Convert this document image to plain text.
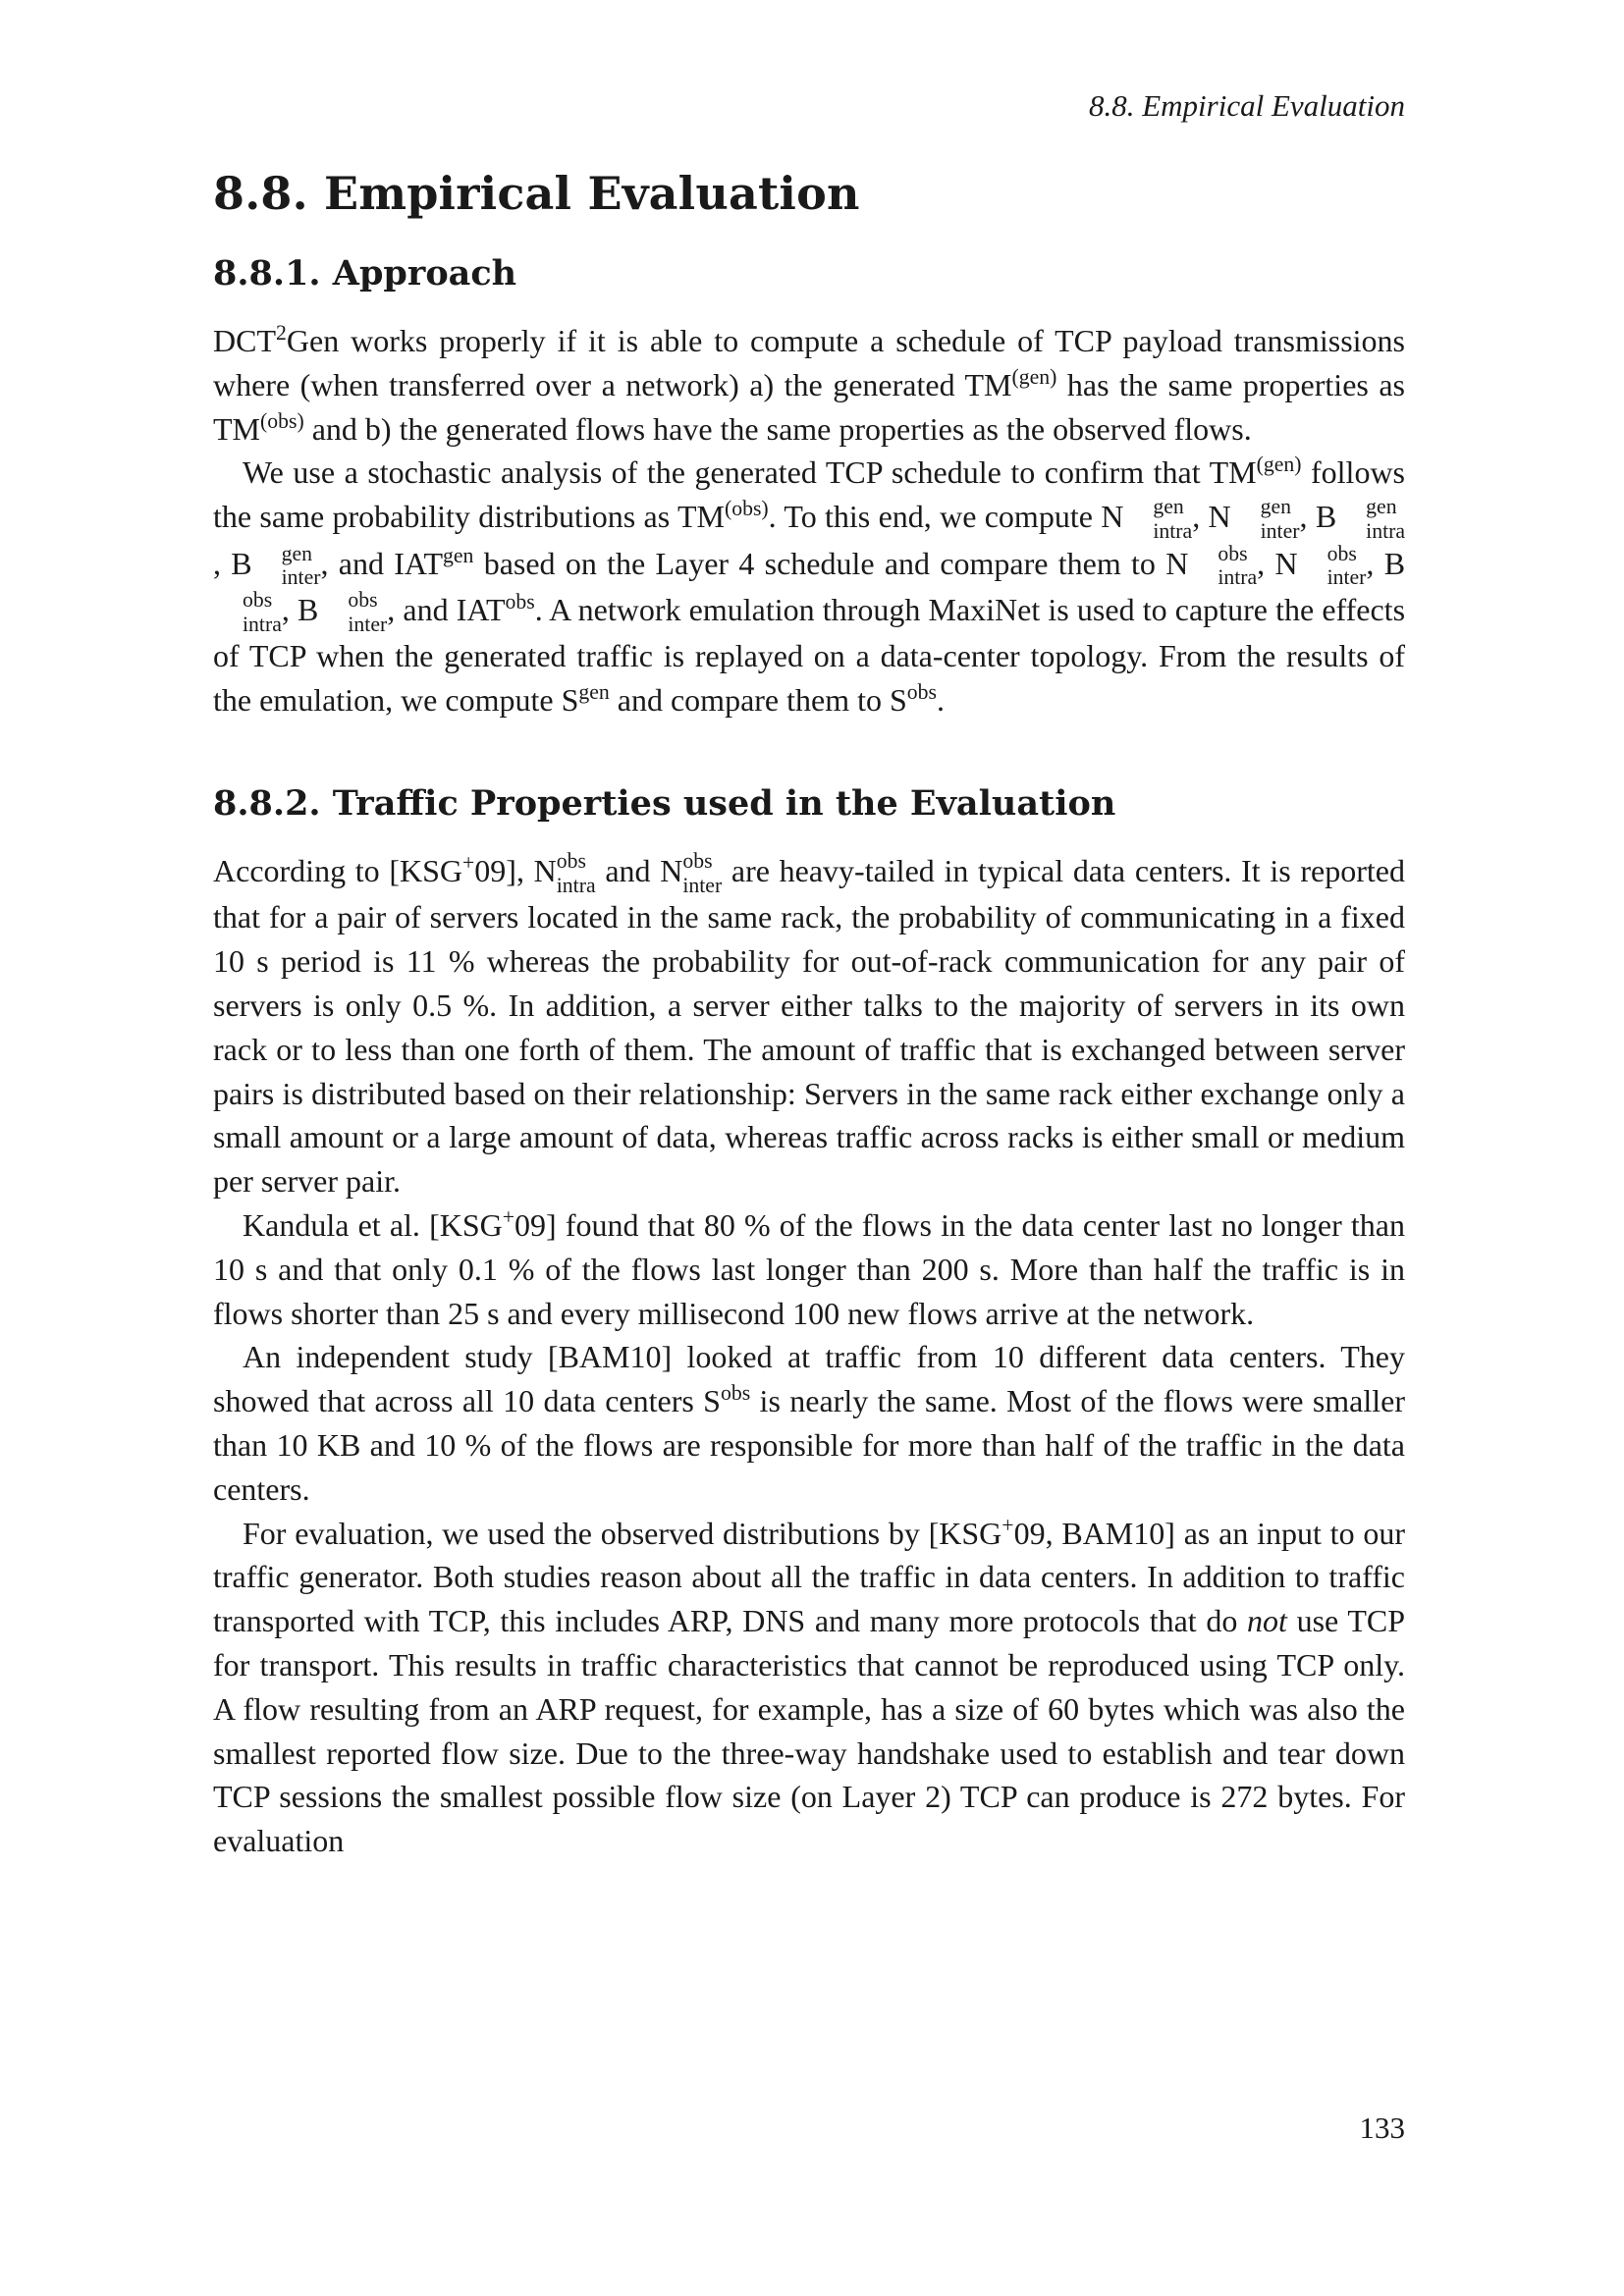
8.8. Empirical Evaluation
8.8. Empirical Evaluation
8.8.1. Approach

DCT$^2$Gen works properly if it is able to compute a schedule of TCP payload transmissions where (when transferred over a network) a) the generated $TM^{(gen)}$ has the same properties as $TM^{(obs)}$ and b) the generated flows have the same properties as the observed flows.

We use a stochastic analysis of the generated TCP schedule to confirm that $TM^{(gen)}$ follows the same probability distributions as $TM^{(obs)}$. To this end, we compute N	gen
intra , N	gen
inter , B	gen
intra
, B	gen
inter , and $IAT^{gen}$ based on the Layer 4 schedule and compare them to N	obs
intra , N	obs
inter , B
obs
intra , B	obs
inter , and $IAT^{obs}$. A network emulation through MaxiNet is used to capture the effects of TCP when the generated traffic is replayed on a data-center topology. From the results of the emulation, we compute $S^{gen}$ and compare them to $S^{obs}$.

8.8.2. Traffic Properties used in the Evaluation

According to [KSG+09], N obs
intra and N obs
inter are heavy-tailed in typical data centers. It is reported that for a pair of servers located in the same rack, the probability of communicating in a fixed 10 s period is 11 % whereas the probability for out-of-rack communication for any pair of servers is only 0.5 %. In addition, a server either talks to the majority of servers in its own rack or to less than one forth of them. The amount of traffic that is exchanged between server pairs is distributed based on their relationship: Servers in the same rack either exchange only a small amount or a large amount of data, whereas traffic across racks is either small or medium per server pair.

Kandula et al. [KSG+09] found that 80 % of the flows in the data center last no longer than 10 s and that only 0.1 % of the flows last longer than 200 s. More than half the traffic is in flows shorter than 25 s and every millisecond 100 new flows arrive at the network.

An independent study [BAM10] looked at traffic from 10 different data centers. They showed that across all 10 data centers $S^{obs}$ is nearly the same. Most of the flows were smaller than 10 KB and 10 % of the flows are responsible for more than half of the traffic in the data centers.

For evaluation, we used the observed distributions by [KSG+09, BAM10] as an input to our traffic generator. Both studies reason about all the traffic in data centers. In addition to traffic transported with TCP, this includes ARP, DNS and many more protocols that do not use TCP for transport. This results in traffic characteristics that cannot be reproduced using TCP only. A flow resulting from an ARP request, for example, has a size of 60 bytes which was also the smallest reported flow size. Due to the three-way handshake used to establish and tear down TCP sessions the smallest possible flow size (on Layer 2) TCP can produce is 272 bytes. For evaluation

133
